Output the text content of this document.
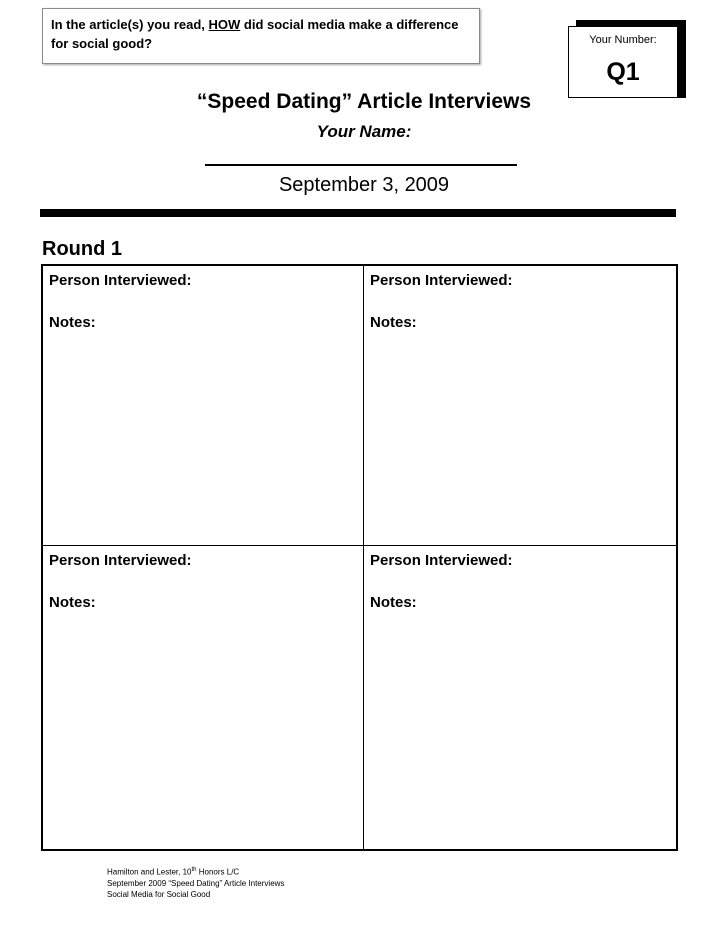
In the article(s) you read, HOW did social media make a difference for social good?	Your Number:
Q1
“Speed Dating” Article Interviews
Your Name:
September 3, 2009
Round 1
Person Interviewed:
Notes:
Person Interviewed:
Notes:
Person Interviewed:
Notes:
Person Interviewed:
Notes:
Hamilton and Lester, 10th Honors L/C
September 2009 “Speed Dating” Article Interviews
Social Media for Social Good
